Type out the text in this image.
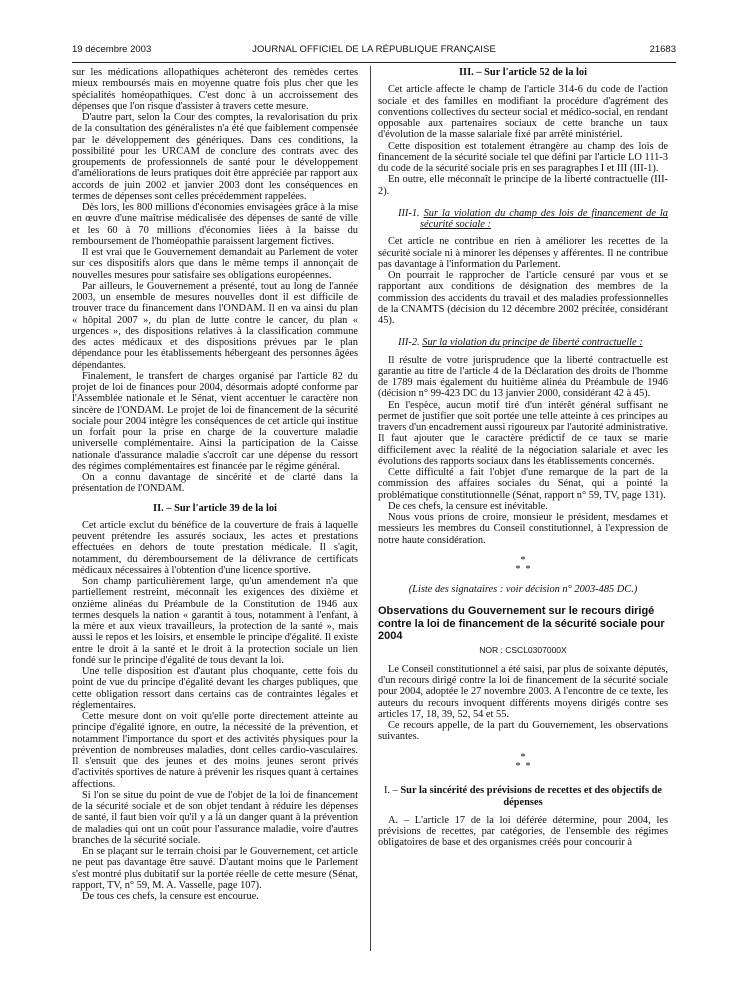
19 décembre 2003	JOURNAL OFFICIEL DE LA RÉPUBLIQUE FRANÇAISE	21683

sur les médications allopathiques achèteront des remèdes certes mieux remboursés mais en moyenne quatre fois plus cher que les spécialités homéopathiques. C'est donc à un accroissement des dépenses que l'on risque d'assister à travers cette mesure.

D'autre part, selon la Cour des comptes, la revalorisation du prix de la consultation des généralistes n'a été que faiblement compensée par le développement des génériques. Dans ces conditions, la possibilité pour les URCAM de conclure des contrats avec des groupements de professionnels de santé pour le développement d'améliorations de leurs pratiques doit être appréciée par rapport aux accords de juin 2002 et janvier 2003 dont les conséquences en termes de dépenses sont celles précédemment rappelées.

Dès lors, les 800 millions d'économies envisagées grâce à la mise en œuvre d'une maîtrise médicalisée des dépenses de santé de ville et les 60 à 70 millions d'économies liées à la baisse du remboursement de l'homéopathie paraissent largement fictives.

Il est vrai que le Gouvernement demandait au Parlement de voter sur ces dispositifs alors que dans le même temps il annonçait de nouvelles mesures pour satisfaire ses obligations européennes.

Par ailleurs, le Gouvernement a présenté, tout au long de l'année 2003, un ensemble de mesures nouvelles dont il est difficile de trouver trace du financement dans l'ONDAM. Il en va ainsi du plan « hôpital 2007 », du plan de lutte contre le cancer, du plan « urgences », des dispositions relatives à la classification commune des actes médicaux et des dispositions prévues par le plan dépendance pour les établissements hébergeant des personnes âgées dépendantes.

Finalement, le transfert de charges organisé par l'article 82 du projet de loi de finances pour 2004, désormais adopté conforme par l'Assemblée nationale et le Sénat, vient accentuer le caractère non sincère de l'ONDAM. Le projet de loi de financement de la sécurité sociale pour 2004 intègre les conséquences de cet article qui institue un forfait pour la prise en charge de la couverture maladie universelle complémentaire. Ainsi la participation de la Caisse nationale d'assurance maladie s'accroît car une dépense du ressort des régimes complémentaires est financée par le régime général.

On a connu davantage de sincérité et de clarté dans la présentation de l'ONDAM.

II. – Sur l'article 39 de la loi

Cet article exclut du bénéfice de la couverture de frais à laquelle peuvent prétendre les assurés sociaux, les actes et prestations effectuées en dehors de toute prestation médicale. Il s'agit, notamment, du déremboursement de la délivrance de certificats médicaux nécessaires à l'obtention d'une licence sportive.

Son champ particulièrement large, qu'un amendement n'a que partiellement restreint, méconnaît les exigences des dixième et onzième alinéas du Préambule de la Constitution de 1946 aux termes desquels la nation « garantit à tous, notamment à l'enfant, à la mère et aux vieux travailleurs, la protection de la santé », mais aussi le repos et les loisirs, et ensemble le principe d'égalité. Il existe entre le droit à la santé et le droit à la protection sociale un lien fondé sur le principe d'égalité de tous devant la loi.

Une telle disposition est d'autant plus choquante, cette fois du point de vue du principe d'égalité devant les charges publiques, que cette obligation ressort dans certains cas de contraintes légales et réglementaires.

Cette mesure dont on voit qu'elle porte directement atteinte au principe d'égalité ignore, en outre, la nécessité de la prévention, et notamment l'importance du sport et des activités physiques pour la prévention de nombreuses maladies, dont celles cardio-vasculaires. Il s'ensuit que des jeunes et des moins jeunes seront privés d'activités sportives de nature à prévenir les risques quant à certaines affections.

Si l'on se situe du point de vue de l'objet de la loi de financement de la sécurité sociale et de son objet tendant à réduire les dépenses de santé, il faut bien voir qu'il y a là un danger quant à la prévention de maladies qui ont un coût pour l'assurance maladie, voire d'autres branches de la sécurité sociale.

En se plaçant sur le terrain choisi par le Gouvernement, cet article ne peut pas davantage être sauvé. D'autant moins que le Parlement s'est montré plus dubitatif sur la portée réelle de cette mesure (Sénat, rapport, TV, n° 59, M. A. Vasselle, page 107).

De tous ces chefs, la censure est encourue.

III. – Sur l'article 52 de la loi

Cet article affecte le champ de l'article 314-6 du code de l'action sociale et des familles en modifiant la procédure d'agrément des conventions collectives du secteur social et médico-social, en rendant opposable aux partenaires sociaux de cette branche un taux d'évolution de la masse salariale fixé par arrêté ministériel.

Cette disposition est totalement étrangère au champ des lois de financement de la sécurité sociale tel que défini par l'article LO 111-3 du code de la sécurité sociale pris en ses paragraphes I et III (III-1).

En outre, elle méconnaît le principe de la liberté contractuelle (III-2).

III-1. Sur la violation du champ des lois de financement de la sécurité sociale :

Cet article ne contribue en rien à améliorer les recettes de la sécurité sociale ni à minorer les dépenses y afférentes. Il ne contribue pas davantage à l'information du Parlement.

On pourrait le rapprocher de l'article censuré par vous et se rapportant aux conditions de désignation des membres de la commission des accidents du travail et des maladies professionnelles de la CNAMTS (décision du 12 décembre 2002 précitée, considérant 45).

III-2. Sur la violation du principe de liberté contractuelle :

Il résulte de votre jurisprudence que la liberté contractuelle est garantie au titre de l'article 4 de la Déclaration des droits de l'homme de 1789 mais également du huitième alinéa du Préambule de 1946 (décision n° 99-423 DC du 13 janvier 2000, considérant 42 à 45).

En l'espèce, aucun motif tiré d'un intérêt général suffisant ne permet de justifier que soit portée une telle atteinte à ces principes au travers d'un encadrement aussi rigoureux par l'autorité administrative. Il faut ajouter que le caractère prédictif de ce taux se marie difficilement avec la réalité de la négociation salariale et avec les évolutions des rapports sociaux dans les établissements concernés.

Cette difficulté a fait l'objet d'une remarque de la part de la commission des affaires sociales du Sénat, qui a pointé la problématique constitutionnelle (Sénat, rapport n° 59, TV, page 131).

De ces chefs, la censure est inévitable.

Nous vous prions de croire, monsieur le président, mesdames et messieurs les membres du Conseil constitutionnel, à l'expression de notre haute considération.

*
*  *

(Liste des signataires : voir décision n° 2003-485 DC.)

Observations du Gouvernement sur le recours dirigé contre la loi de financement de la sécurité sociale pour 2004

NOR : CSCL0307000X

Le Conseil constitutionnel a été saisi, par plus de soixante députés, d'un recours dirigé contre la loi de financement de la sécurité sociale pour 2004, adoptée le 27 novembre 2003. A l'encontre de ce texte, les auteurs du recours invoquent différents moyens dirigés contre ses articles 17, 18, 39, 52, 54 et 55.

Ce recours appelle, de la part du Gouvernement, les observations suivantes.

*
*  *

I. – Sur la sincérité des prévisions de recettes et des objectifs de dépenses

A. – L'article 17 de la loi déférée détermine, pour 2004, les prévisions de recettes, par catégories, de l'ensemble des régimes obligatoires de base et des organismes créés pour concourir à
